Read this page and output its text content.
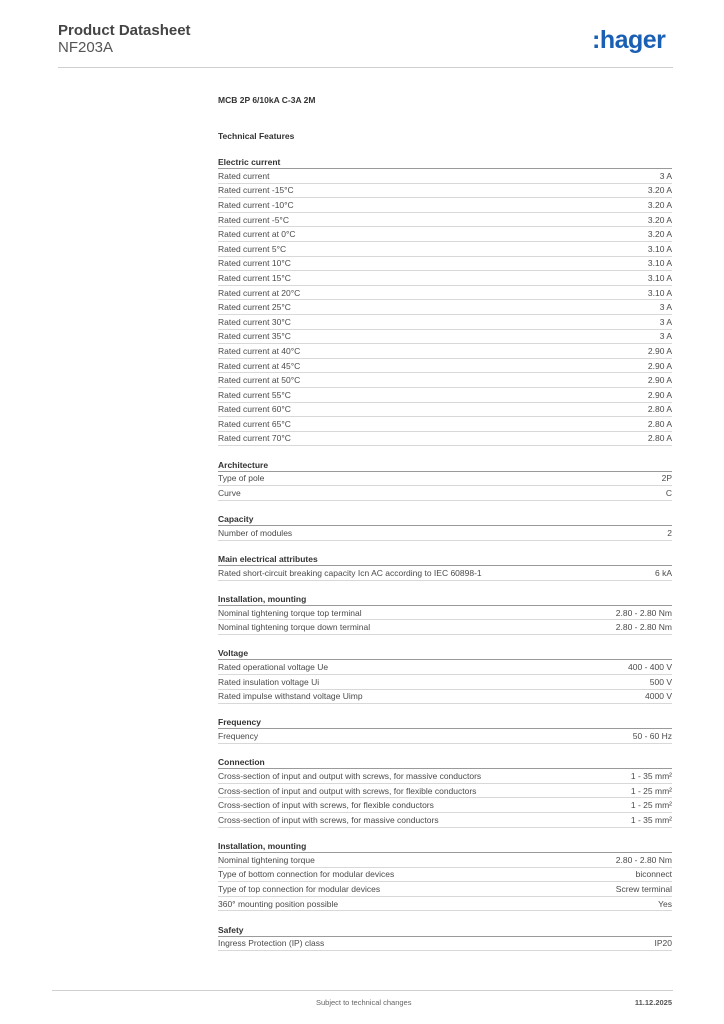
Product Datasheet
NF203A	:hager
MCB 2P 6/10kA C-3A 2M
Technical Features
Electric current
Rated current	3 A
Rated current -15°C	3.20 A
Rated current -10°C	3.20 A
Rated current -5°C	3.20 A
Rated current at 0°C	3.20 A
Rated current 5°C	3.10 A
Rated current 10°C	3.10 A
Rated current 15°C	3.10 A
Rated current at 20°C	3.10 A
Rated current 25°C	3 A
Rated current 30°C	3 A
Rated current 35°C	3 A
Rated current at 40°C	2.90 A
Rated current at 45°C	2.90 A
Rated current at 50°C	2.90 A
Rated current 55°C	2.90 A
Rated current 60°C	2.80 A
Rated current 65°C	2.80 A
Rated current 70°C	2.80 A
Architecture
Type of pole	2P
Curve	C
Capacity
Number of modules	2
Main electrical attributes
Rated short-circuit breaking capacity Icn AC according to IEC 60898-1	6 kA
Installation, mounting
Nominal tightening torque top terminal	2.80 - 2.80 Nm
Nominal tightening torque down terminal	2.80 - 2.80 Nm
Voltage
Rated operational voltage Ue	400 - 400 V
Rated insulation voltage Ui	500 V
Rated impulse withstand voltage Uimp	4000 V
Frequency
Frequency	50 - 60 Hz
Connection
Cross-section of input and output with screws, for massive conductors	1 - 35 mm²
Cross-section of input and output with screws, for flexible conductors	1 - 25 mm²
Cross-section of input with screws, for flexible conductors	1 - 25 mm²
Cross-section of input with screws, for massive conductors	1 - 35 mm²
Installation, mounting
Nominal tightening torque	2.80 - 2.80 Nm
Type of bottom connection for modular devices	biconnect
Type of top connection for modular devices	Screw terminal
360° mounting position possible	Yes
Safety
Ingress Protection (IP) class	IP20
Subject to technical changes	11.12.2025
